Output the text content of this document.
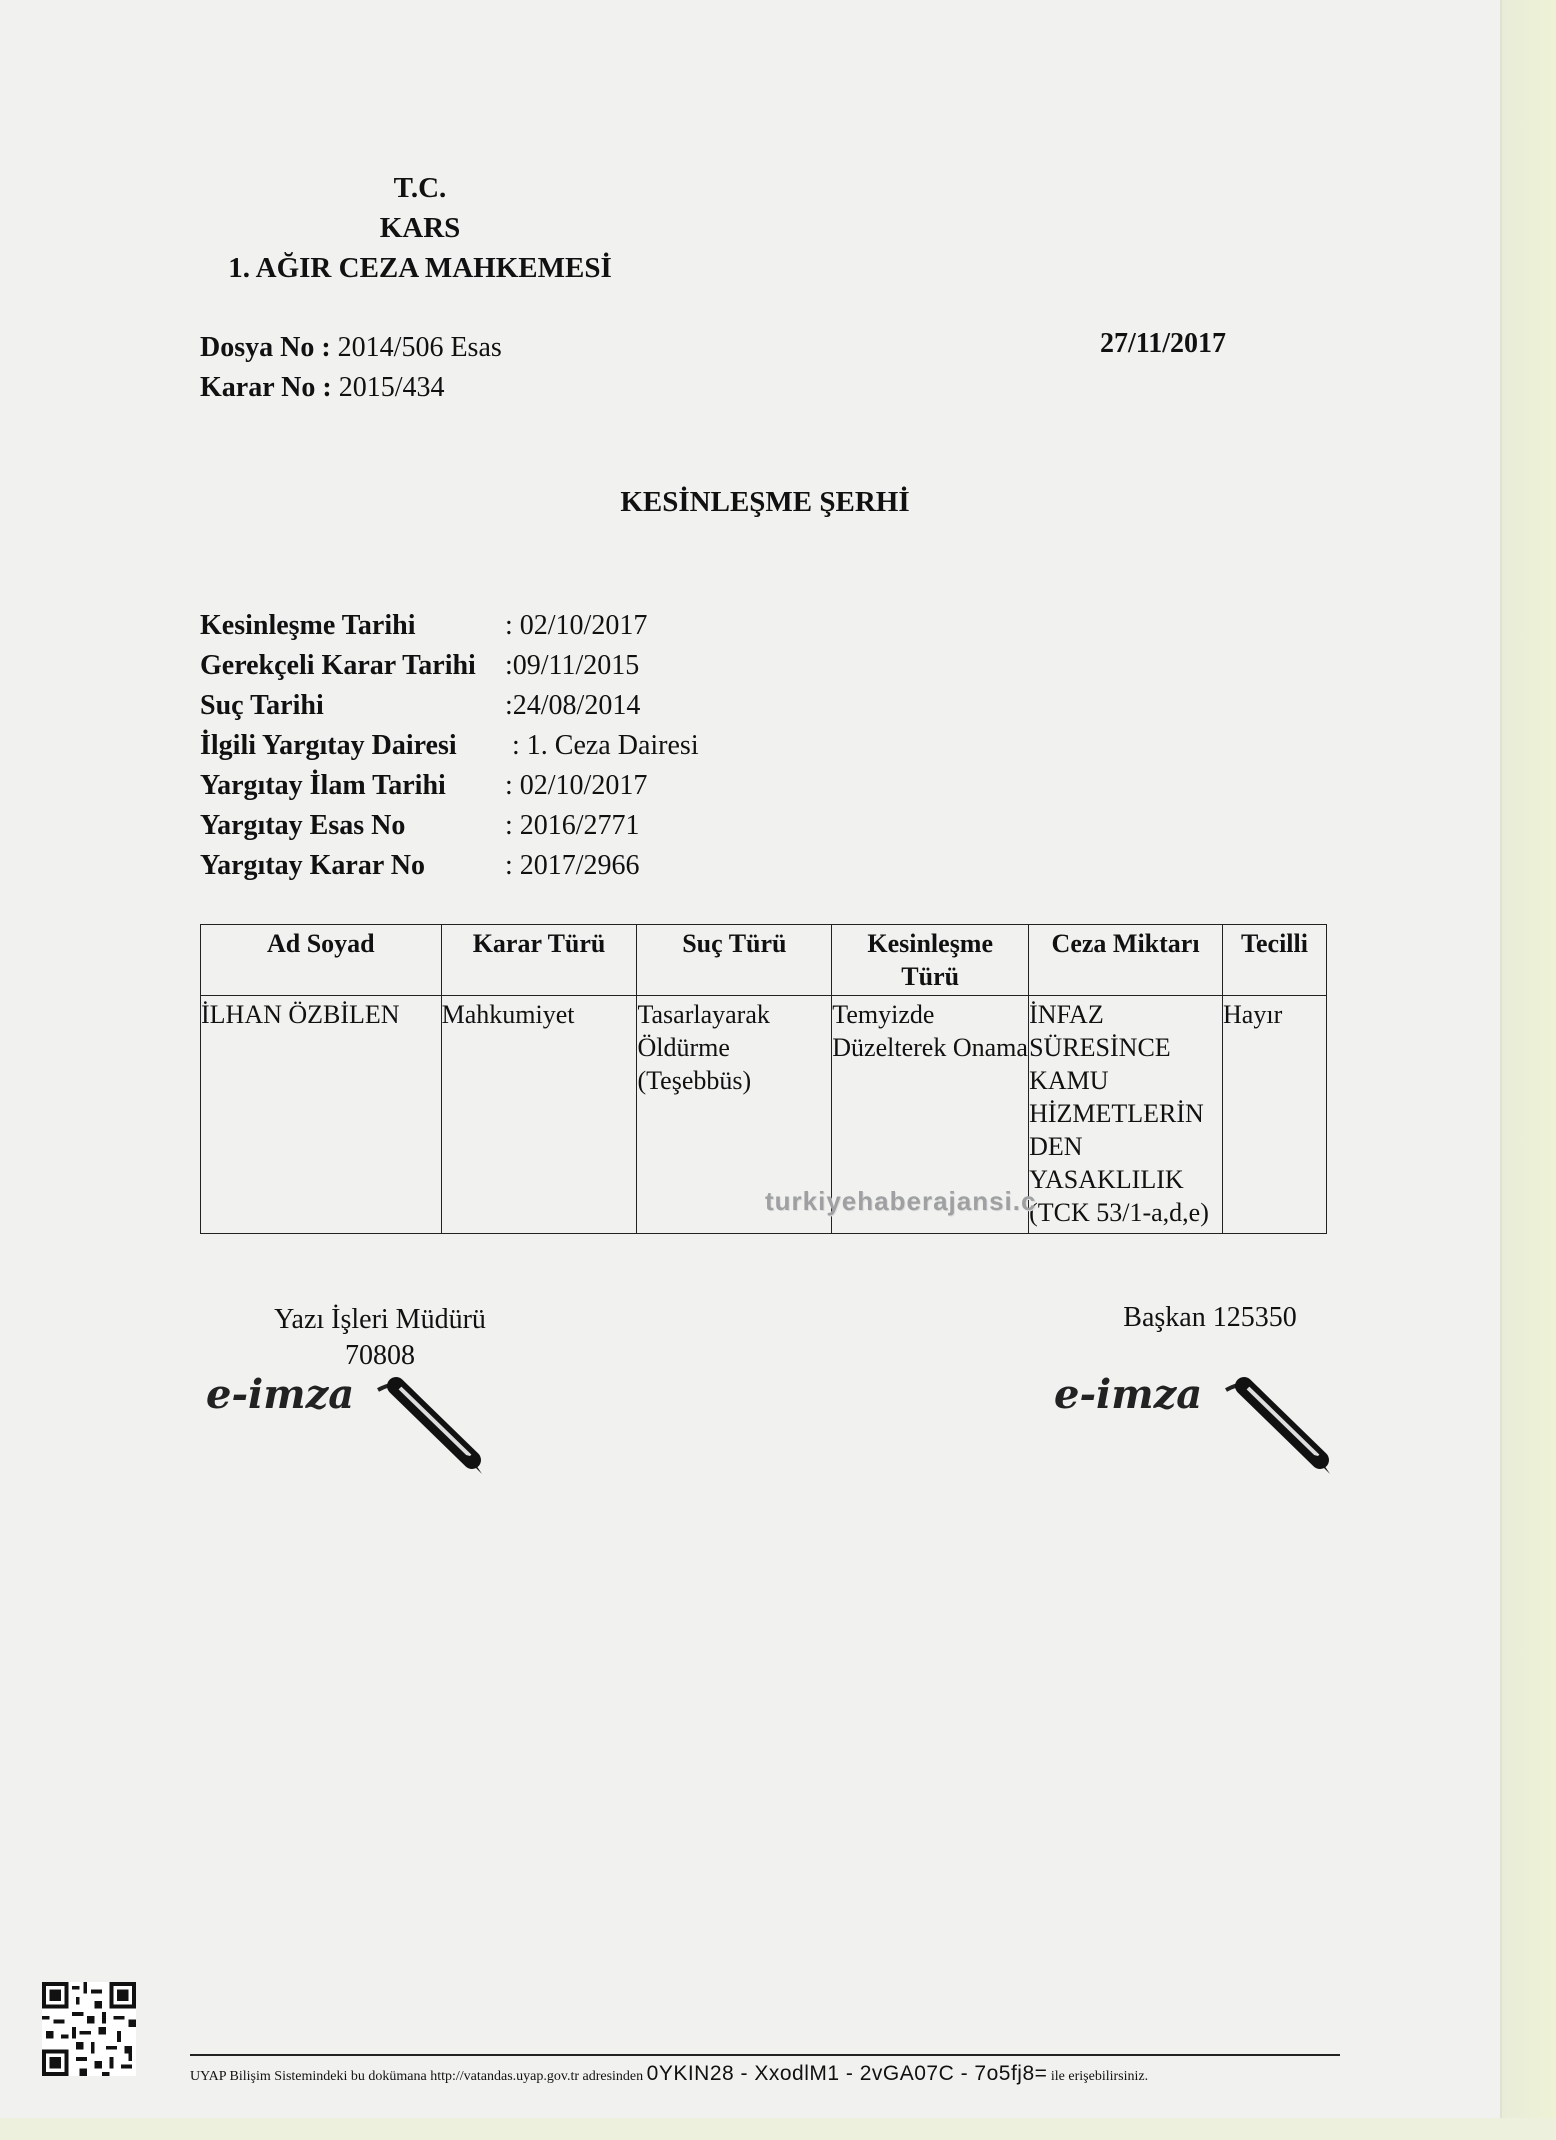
T.C.
KARS
1. AĞIR CEZA MAHKEMESİ
Dosya No : 2014/506 Esas
Karar No : 2015/434
27/11/2017
KESİNLEŞME ŞERHİ
Kesinleşme Tarihi	: 02/10/2017
Gerekçeli Karar Tarihi	:09/11/2015
Suç Tarihi	:24/08/2014
İlgili Yargıtay Dairesi	: 1. Ceza Dairesi
Yargıtay İlam Tarihi	: 02/10/2017
Yargıtay Esas No	: 2016/2771
Yargıtay Karar No	: 2017/2966
Ad Soyad	Karar Türü	Suç Türü	Kesinleşme Türü	Ceza Miktarı	Tecilli
İLHAN ÖZBİLEN	Mahkumiyet	Tasarlayarak Öldürme (Teşebbüs)	Temyizde Düzelterek Onama	İNFAZ SÜRESİNCE KAMU HİZMETLERİN DEN YASAKLILIK (TCK 53/1-a,d,e)	Hayır
turkiyehaberajansi.c
Yazı İşleri Müdürü
70808
Başkan 125350
e-imza	e-imza
UYAP Bilişim Sistemindeki bu dokümana http://vatandas.uyap.gov.tr adresinden 0YKIN28 - XxodlM1 - 2vGA07C - 7o5fj8= ile erişebilirsiniz.
